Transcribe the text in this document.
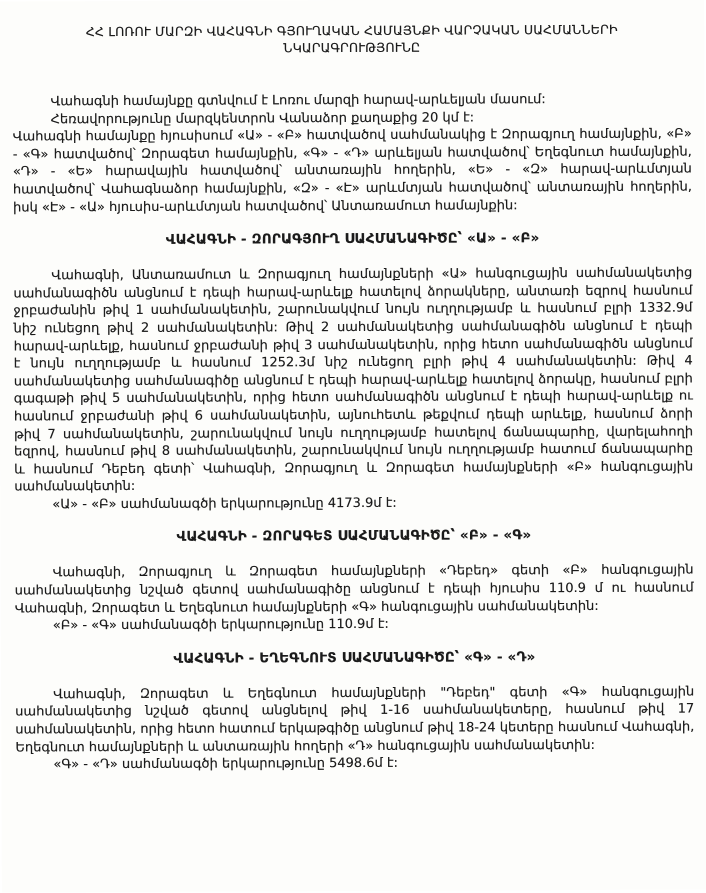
ՀՀ ԼՈՌՈՒ ՄԱՐԶԻ ՎԱՀԱԳՆԻ ԳՅՈՒՂԱԿԱՆ ՀԱՄԱՅՆՔԻ ՎԱՐՉԱԿԱՆ ՍԱՀՄԱՆՆԵՐԻ
ՆԿԱՐԱԳՐՈՒԹՅՈՒՆԸ

Վահագնի համայնքը գտնվում է Լոռու մարզի հարավ-արևելյան մասում:

Հեռավորությունը մարզկենտրոն Վանաձոր քաղաքից 20 կմ է:

Վահագնի համայնքը հյուսիսում «Ա» - «Բ» հատվածով սահմանակից է Զորագյուղ համայնքին, «Բ» - «Գ» հատվածով՝ Զորագետ համայնքին, «Գ» - «Դ» արևելյան հատվածով՝ Եղեգնուտ համայնքին, «Դ» - «Ե» հարավային հատվածով՝ անտառային հողերին, «Ե» - «Զ» հարավ-արևմտյան հատվածով՝ Վահագնաձոր համայնքին, «Զ» - «Է» արևմտյան հատվածով՝ անտառային հողերին, իսկ «Է» - «Ա» հյուսիս-արևմտյան հատվածով՝ Անտառամուտ համայնքին:

ՎԱՀԱԳՆԻ - ԶՈՐԱԳՅՈՒՂ ՍԱՀՄԱՆԱԳԻԾԸ՝ «Ա» - «Բ»

Վահագնի, Անտառամուտ և Զորագյուղ համայնքների «Ա» հանգուցային սահմանակետից սահմանագիծն անցնում է դեպի հարավ-արևելք հատելով ձորակները, անտառի եզրով հասնում ջրբաժանին թիվ 1 սահմանակետին, շարունակվում նույն ուղղությամբ և հասնում բլրի 1332.9մ նիշ ունեցող թիվ 2 սահմանակետին: Թիվ 2 սահմանակետից սահմանագիծն անցնում է դեպի հարավ-արևելք, հասնում ջրբաժանի թիվ 3 սահմանակետին, որից հետո սահմանագիծն անցնում է նույն ուղղությամբ և հասնում 1252.3մ նիշ ունեցող բլրի թիվ 4 սահմանակետին: Թիվ 4 սահմանակետից սահմանագիծը անցնում է դեպի հարավ-արևելք հատելով ձորակը, հասնում բլրի գագաթի թիվ 5 սահմանակետին, որից հետո սահմանագիծն անցնում է դեպի հարավ-արևելք ու հասնում ջրբաժանի թիվ 6 սահմանակետին, այնուհետև թեքվում դեպի արևելք, հասնում ձորի թիվ 7 սահմանակետին, շարունակվում նույն ուղղությամբ հատելով ճանապարհը, վարելահողի եզրով, հասնում թիվ 8 սահմանակետին, շարունակվում նույն ուղղությամբ հատում ճանապարհը և հասնում Դեբեդ գետի՝ Վահագնի, Զորագյուղ և Զորագետ համայնքների «Բ» հանգուցային սահմանակետին:

«Ա» - «Բ» սահմանագծի երկարությունը 4173.9մ է:

ՎԱՀԱԳՆԻ - ԶՈՐԱԳԵՏ ՍԱՀՄԱՆԱԳԻԾԸ՝ «Բ» - «Գ»

Վահագնի, Զորագյուղ և Զորագետ համայնքների «Դեբեդ» գետի «Բ» հանգուցային սահմանակետից նշված գետով սահմանագիծը անցնում է դեպի հյուսիս 110.9 մ ու հասնում Վահագնի, Զորագետ և Եղեգնուտ համայնքների «Գ» հանգուցային սահմանակետին:

«Բ» - «Գ» սահմանագծի երկարությունը 110.9մ է:

ՎԱՀԱԳՆԻ - ԵՂԵԳՆՈՒՏ ՍԱՀՄԱՆԱԳԻԾԸ՝ «Գ» - «Դ»

Վահագնի, Զորագետ և Եղեգնուտ համայնքների "Դեբեդ" գետի «Գ» հանգուցային սահմանակետից նշված գետով անցնելով թիվ 1-16 սահմանակետերը, հասնում թիվ 17 սահմանակետին, որից հետո հատում երկաթգիծը անցնում թիվ 18-24 կետերը հասնում Վահագնի, Եղեգնուտ համայնքների և անտառային հողերի «Դ» հանգուցային սահմանակետին:

«Գ» - «Դ» սահմանագծի երկարությունը 5498.6մ է:
